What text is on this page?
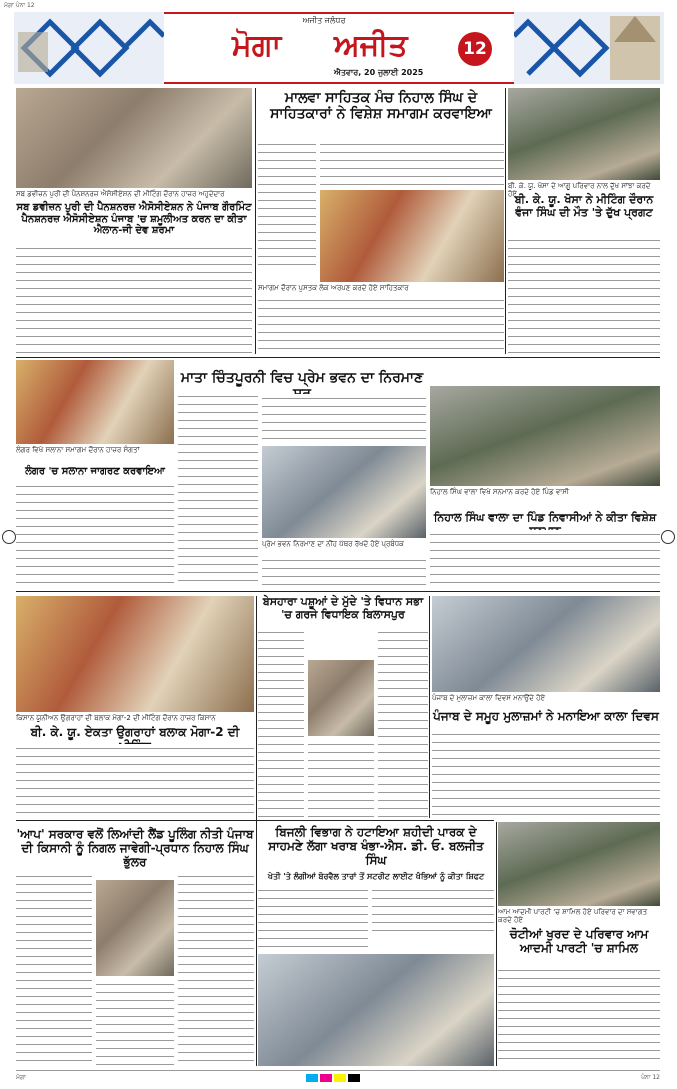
ਮੋਗਾ ਪੰਨਾ 12
ਅਜੀਤ ਜਲੰਧਰ
ਮੋਗਾ ਅਜੀਤ
ਐਤਵਾਰ, 20 ਜੁਲਾਈ 2025
12
ਸਬ ਡਵੀਜ਼ਨ ਪੁਰੀ ਦੀ ਪੈਨਸ਼ਨਰਜ਼ ਐਸੋਸੀਏਸ਼ਨ ਦੀ ਮੀਟਿੰਗ ਦੌਰਾਨ ਹਾਜ਼ਰ ਅਹੁਦੇਦਾਰ
ਸਬ ਡਵੀਜ਼ਨ ਪੁਰੀ ਦੀ ਪੈਨਸ਼ਨਰਜ਼ ਐਸੋਸੀਏਸ਼ਨ ਨੇ ਪੰਜਾਬ ਗੌਰਮਿੰਟ ਪੈਨਸ਼ਨਰਜ਼ ਐਸੋਸੀਏਸ਼ਨ ਪੰਜਾਬ 'ਚ ਸ਼ਮੂਲੀਅਤ ਕਰਨ ਦਾ ਕੀਤਾ ਐਲਾਨ-ਜੀ ਦੇਵ ਸ਼ਰਮਾ
ਮਾਲਵਾ ਸਾਹਿਤਕ ਮੰਚ ਨਿਹਾਲ ਸਿੰਘ ਦੇ ਸਾਹਿਤਕਾਰਾਂ ਨੇ ਵਿਸ਼ੇਸ਼ ਸਮਾਗਮ ਕਰਵਾਇਆ
ਸਮਾਗਮ ਦੌਰਾਨ ਪੁਸਤਕ ਲੋਕ ਅਰਪਣ ਕਰਦੇ ਹੋਏ ਸਾਹਿਤਕਾਰ
ਬੀ. ਕੇ. ਯੂ. ਖੋਸਾ ਦੇ ਆਗੂ ਪਰਿਵਾਰ ਨਾਲ ਦੁੱਖ ਸਾਂਝਾ ਕਰਦੇ ਹੋਏ
ਬੀ. ਕੇ. ਯੂ. ਖੋਸਾ ਨੇ ਮੀਟਿੰਗ ਦੌਰਾਨ ਵੰਜਾ ਸਿੰਘ ਦੀ ਮੌਤ 'ਤੇ ਦੁੱਖ ਪ੍ਰਗਟ
ਲੰਗਰ ਵਿਖੇ ਸਲਾਨਾ ਸਮਾਗਮ ਦੌਰਾਨ ਹਾਜ਼ਰ ਸੰਗਤਾਂ
ਲੰਗਰ 'ਚ ਸਲਾਨਾ ਜਾਗਰਣ ਕਰਵਾਇਆ
ਮਾਤਾ ਚਿੰਤਪੂਰਨੀ ਵਿਚ ਪ੍ਰੇਮ ਭਵਨ ਦਾ ਨਿਰਮਾਣ
ਪ੍ਰੇਮ ਭਵਨ ਨਿਰਮਾਣ ਦਾ ਨੀਂਹ ਪੱਥਰ ਰੱਖਦੇ ਹੋਏ ਪ੍ਰਬੰਧਕ
ਨਿਹਾਲ ਸਿੰਘ ਵਾਲਾ ਵਿਖੇ ਸਨਮਾਨ ਕਰਦੇ ਹੋਏ ਪਿੰਡ ਵਾਸੀ
ਨਿਹਾਲ ਸਿੰਘ ਵਾਲਾ ਦਾ ਪਿੰਡ ਨਿਵਾਸੀਆਂ ਨੇ ਕੀਤਾ ਵਿਸ਼ੇਸ਼
ਕਿਸਾਨ ਯੂਨੀਅਨ ਉਗਰਾਹਾਂ ਦੀ ਬਲਾਕ ਮੋਗਾ-2 ਦੀ ਮੀਟਿੰਗ ਦੌਰਾਨ ਹਾਜ਼ਰ ਕਿਸਾਨ
ਬੀ. ਕੇ. ਯੂ. ਏਕਤਾ ਉਗਰਾਹਾਂ ਬਲਾਕ ਮੋਗਾ-2 ਦੀ
ਬੇਸਹਾਰਾ ਪਸ਼ੂਆਂ ਦੇ ਮੁੱਦੇ 'ਤੇ ਵਿਧਾਨ ਸਭਾ 'ਚ ਗਰਜੇ ਵਿਧਾਇਕ ਬਿਲਾਸਪੁਰ
ਪੰਜਾਬ ਦੇ ਮੁਲਾਜ਼ਮ ਕਾਲਾ ਦਿਵਸ ਮਨਾਉਂਦੇ ਹੋਏ
ਪੰਜਾਬ ਦੇ ਸਮੂਹ ਮੁਲਾਜ਼ਮਾਂ ਨੇ ਮਨਾਇਆ ਕਾਲਾ ਦਿਵਸ
'ਆਪ' ਸਰਕਾਰ ਵਲੋਂ ਲਿਆਂਦੀ ਲੈਂਡ ਪੂਲਿੰਗ ਨੀਤੀ ਪੰਜਾਬ ਦੀ ਕਿਸਾਨੀ ਨੂੰ ਨਿਗਲ ਜਾਵੇਗੀ-ਪ੍ਰਧਾਨ ਨਿਹਾਲ ਸਿੰਘ ਭੁੱਲਰ
ਬਿਜਲੀ ਵਿਭਾਗ ਨੇ ਹਟਾਇਆ ਸ਼ਹੀਦੀ ਪਾਰਕ ਦੇ ਸਾਹਮਣੇ ਲੱਗਾ ਖਰਾਬ ਖੰਭਾ-ਐਸ. ਡੀ. ਓ. ਬਲਜੀਤ ਸਿੰਘ
ਖੇਤੀ 'ਤੇ ਲੰਗੀਆਂ ਬੋਰਵੈਲ ਤਾਰਾਂ ਤੋਂ ਸਟਰੀਟ ਲਾਈਟ ਖੰਭਿਆਂ ਨੂੰ ਕੀਤਾ ਸ਼ਿਫਟ
ਆਮ ਆਦਮੀ ਪਾਰਟੀ 'ਚ ਸ਼ਾਮਿਲ ਹੋਏ ਪਰਿਵਾਰ ਦਾ ਸਵਾਗਤ ਕਰਦੇ ਹੋਏ
ਚੋਟੀਆਂ ਖੁਰਦ ਦੇ ਪਰਿਵਾਰ ਆਮ ਆਦਮੀ ਪਾਰਟੀ 'ਚ ਸ਼ਾਮਿਲ
ਮੋਗਾ	ਪੰਨਾ 12
